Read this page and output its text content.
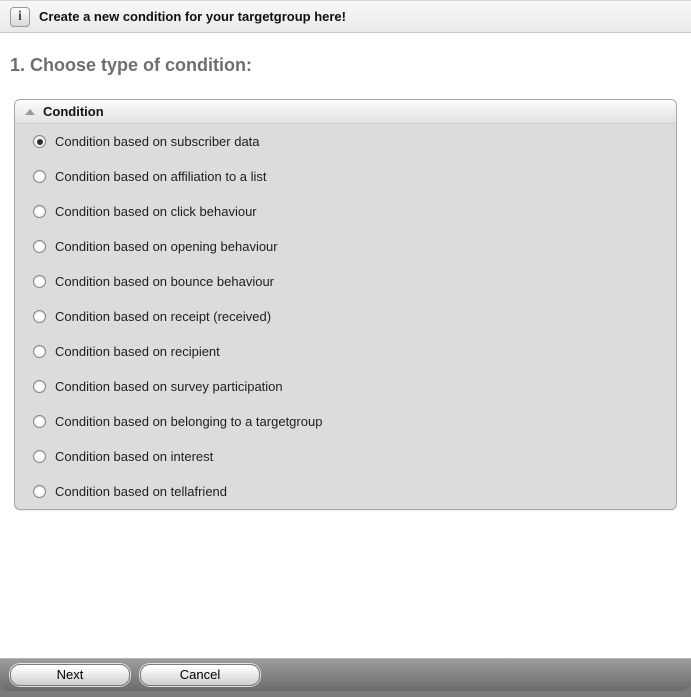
i Create a new condition for your targetgroup here!
1. Choose type of condition:
Condition
Condition based on subscriber data
Condition based on affiliation to a list
Condition based on click behaviour
Condition based on opening behaviour
Condition based on bounce behaviour
Condition based on receipt (received)
Condition based on recipient
Condition based on survey participation
Condition based on belonging to a targetgroup
Condition based on interest
Condition based on tellafriend
Next	Cancel
